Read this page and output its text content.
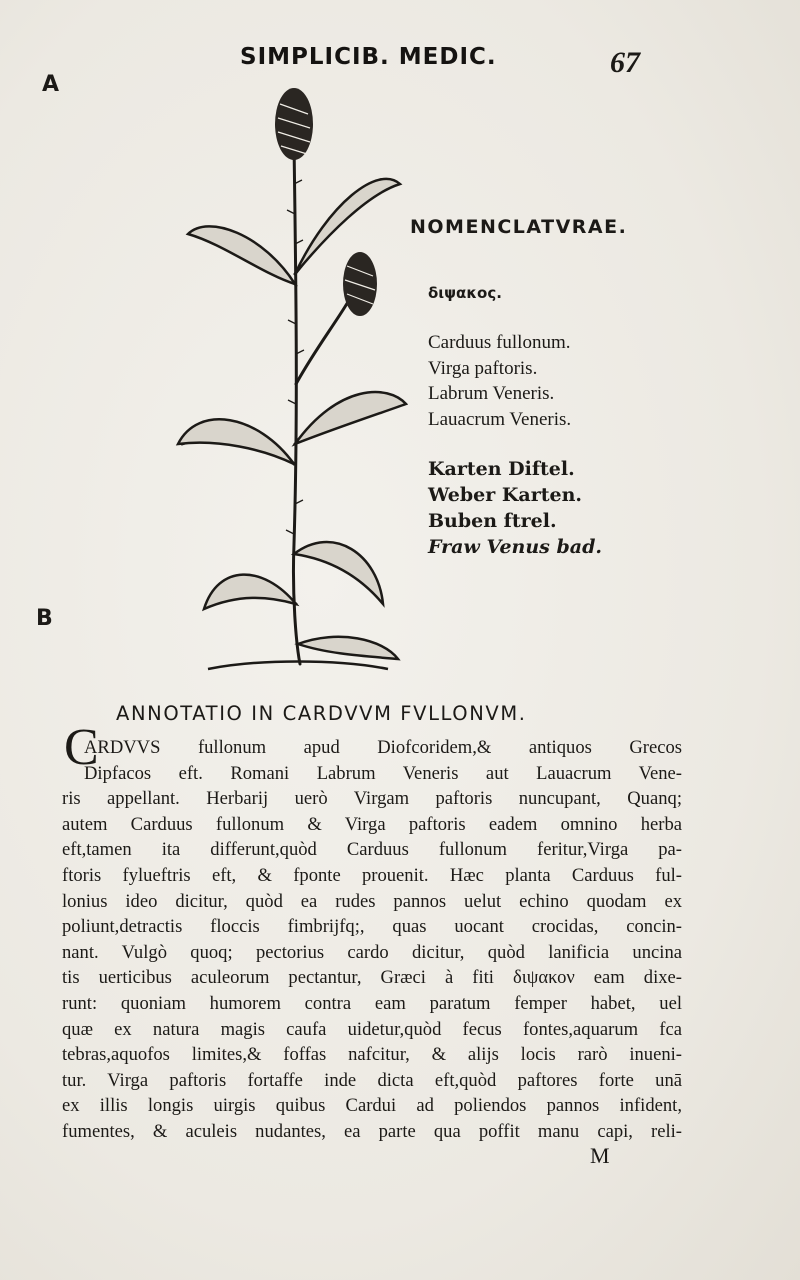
SIMPLICIB. MEDIC.	67
A
B
NOMENCLATVRAE.
διψακος.
Carduus fullonum.
Virga paftoris.
Labrum Veneris.
Lauacrum Veneris.
Karten Diftel.
Weber Karten.
Buben ftrel.
Fraw Venus bad.
ANNOTATIO IN CARDVVM FVLLONVM.
C
ARDVVS fullonum apud Diofcoridem,& antiquos Grecos
Dipfacos eft. Romani Labrum Veneris aut Lauacrum Vene-
ris appellant. Herbarij uerò Virgam paftoris nuncupant, Quanq;
autem Carduus fullonum & Virga paftoris eadem omnino herba
eft,tamen ita differunt,quòd Carduus fullonum feritur,Virga pa-
ftoris fylueftris eft, & fponte prouenit. Hæc planta Carduus ful-
lonius ideo dicitur, quòd ea rudes pannos uelut echino quodam ex
poliunt,detractis floccis fimbrijfq;, quas uocant crocidas, concin-
nant. Vulgò quoq; pectorius cardo dicitur, quòd lanificia uncina
tis uerticibus aculeorum pectantur, Græci à fiti διψακον eam dixe-
runt: quoniam humorem contra eam paratum femper habet, uel
quæ ex natura magis caufa uidetur,quòd fecus fontes,aquarum fca
tebras,aquofos limites,& foffas nafcitur, & alijs locis rarò inueni-
tur. Virga paftoris fortaffe inde dicta eft,quòd paftores forte unā
ex illis longis uirgis quibus Cardui ad poliendos pannos infident,
fumentes, & aculeis nudantes, ea parte qua poffit manu capi, reli-
M
